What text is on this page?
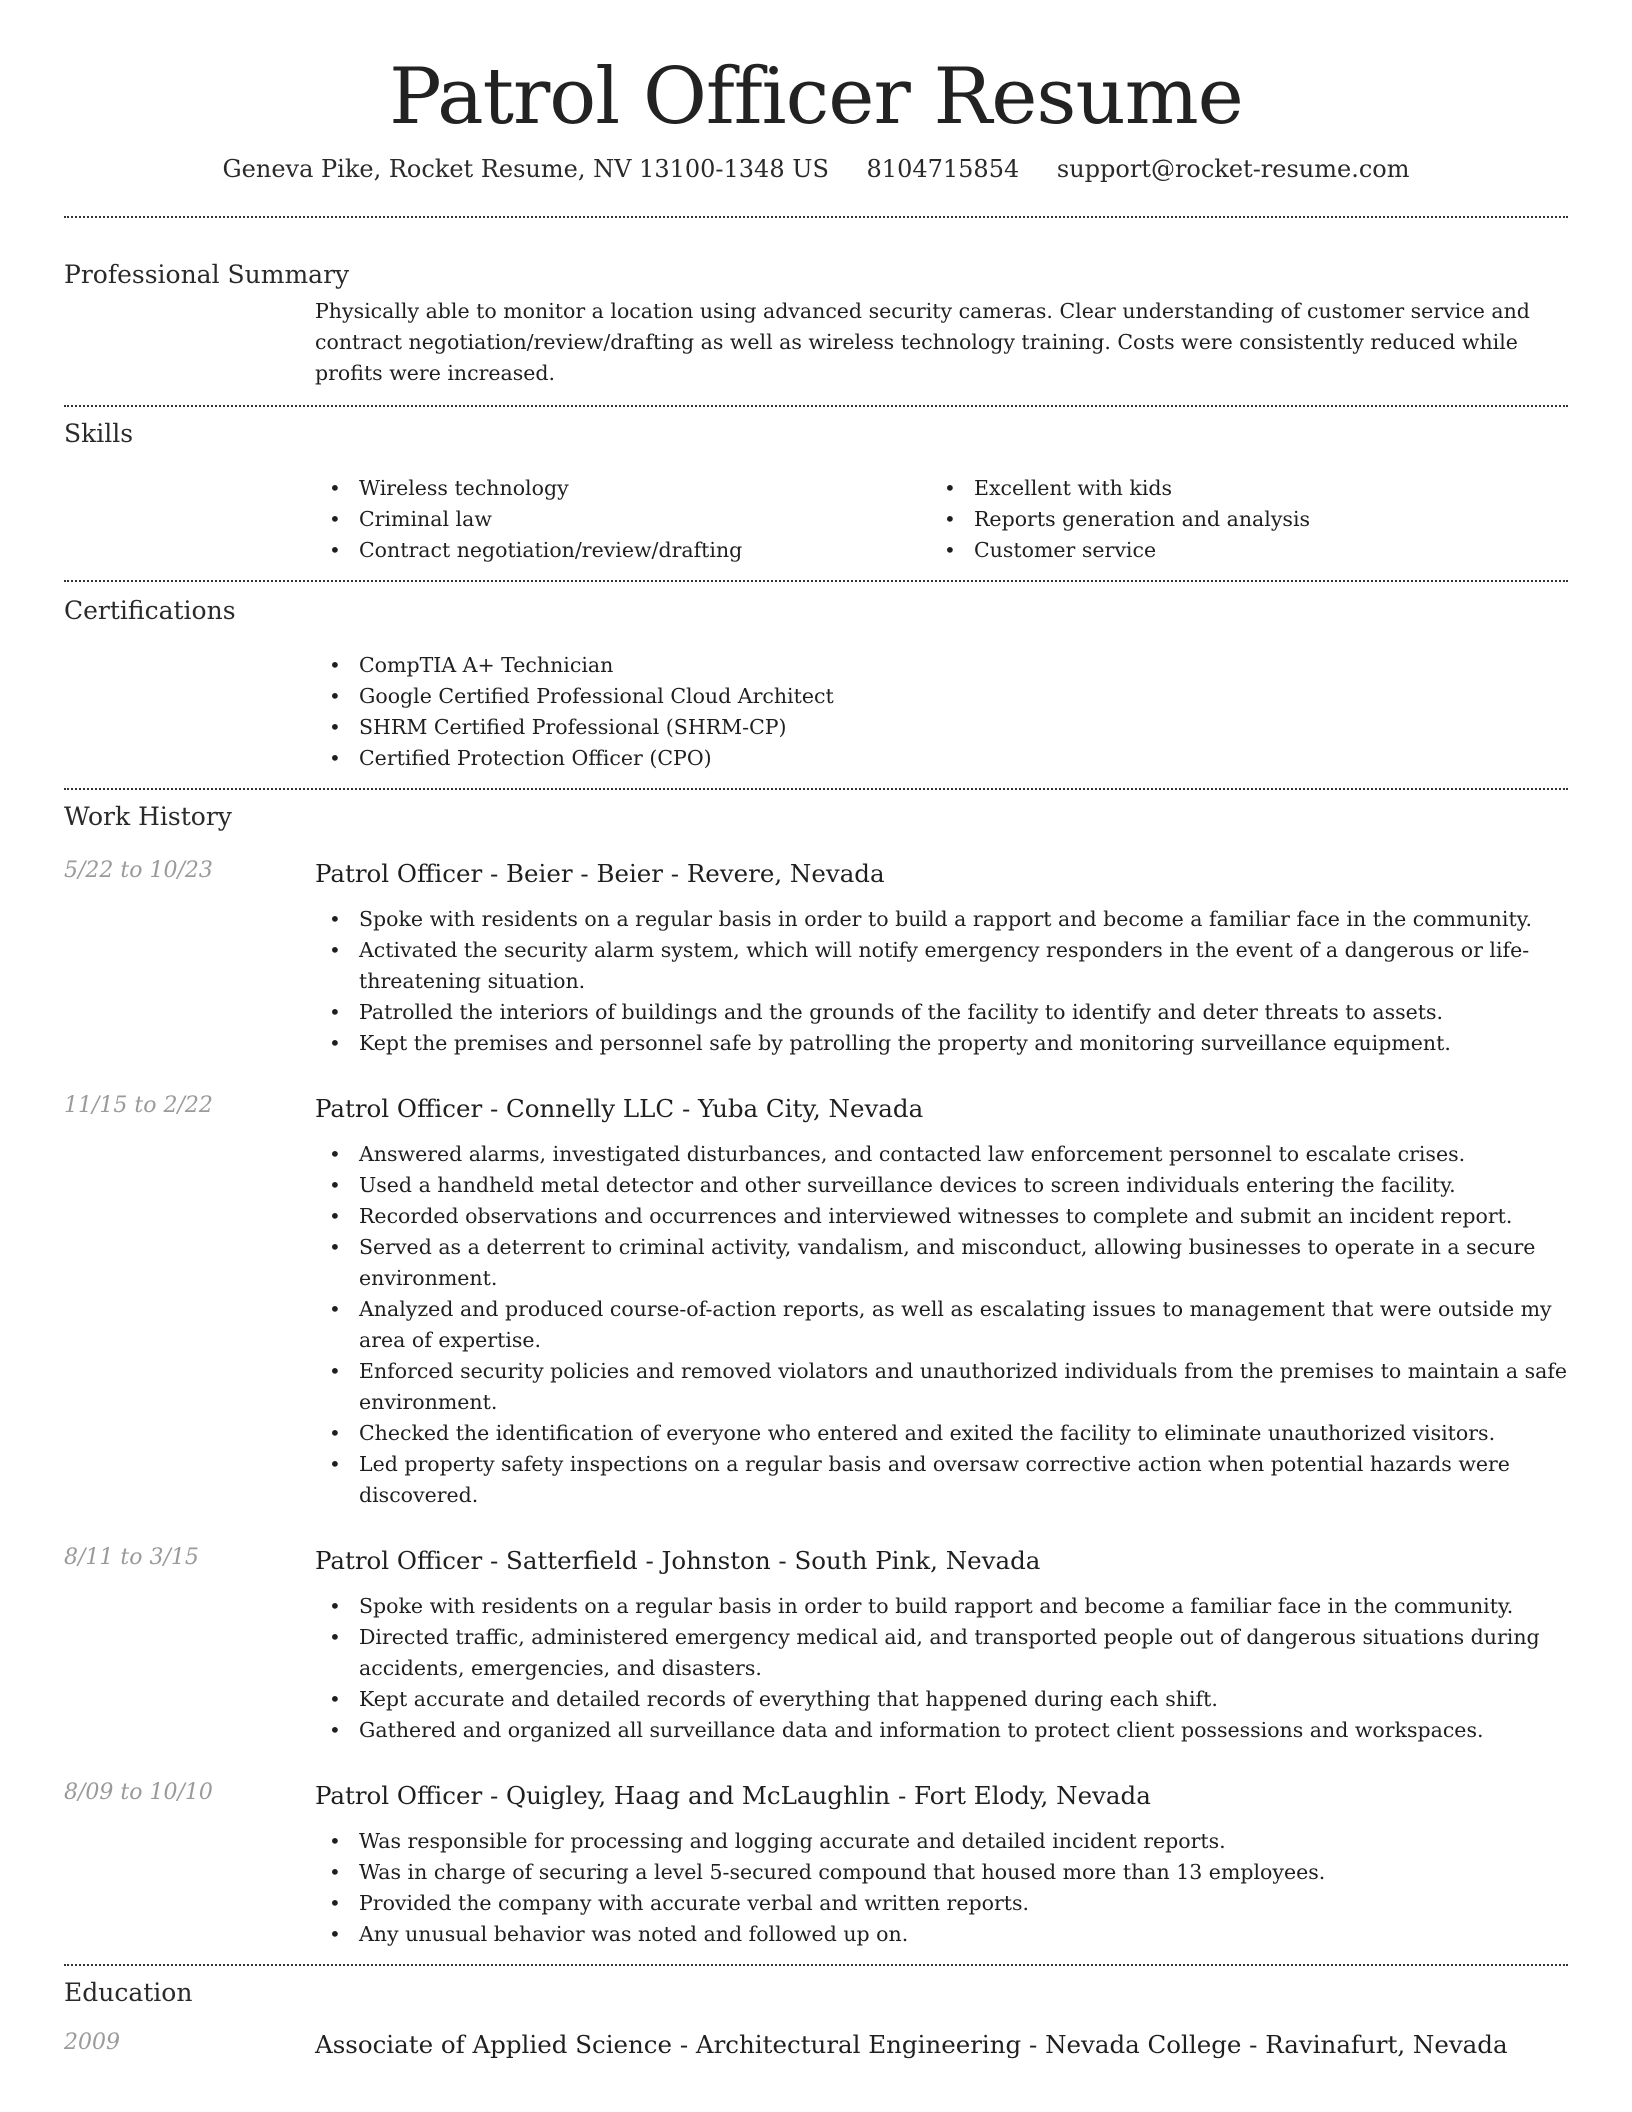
Patrol Officer Resume
Geneva Pike, Rocket Resume, NV 13100-1348 US 8104715854 support@rocket-resume.com
Professional Summary
Physically able to monitor a location using advanced security cameras. Clear understanding of customer service and contract negotiation/review/drafting as well as wireless technology training. Costs were consistently reduced while profits were increased.
Skills
• Wireless technology
• Criminal law
• Contract negotiation/review/drafting
• Excellent with kids
• Reports generation and analysis
• Customer service
Certifications
• CompTIA A+ Technician
• Google Certified Professional Cloud Architect
• SHRM Certified Professional (SHRM-CP)
• Certified Protection Officer (CPO)
Work History
5/22 to 10/23	Patrol Officer - Beier - Beier - Revere, Nevada
• Spoke with residents on a regular basis in order to build a rapport and become a familiar face in the community.
• Activated the security alarm system, which will notify emergency responders in the event of a dangerous or life-threatening situation.
• Patrolled the interiors of buildings and the grounds of the facility to identify and deter threats to assets.
• Kept the premises and personnel safe by patrolling the property and monitoring surveillance equipment.
11/15 to 2/22	Patrol Officer - Connelly LLC - Yuba City, Nevada
• Answered alarms, investigated disturbances, and contacted law enforcement personnel to escalate crises.
• Used a handheld metal detector and other surveillance devices to screen individuals entering the facility.
• Recorded observations and occurrences and interviewed witnesses to complete and submit an incident report.
• Served as a deterrent to criminal activity, vandalism, and misconduct, allowing businesses to operate in a secure environment.
• Analyzed and produced course-of-action reports, as well as escalating issues to management that were outside my area of expertise.
• Enforced security policies and removed violators and unauthorized individuals from the premises to maintain a safe environment.
• Checked the identification of everyone who entered and exited the facility to eliminate unauthorized visitors.
• Led property safety inspections on a regular basis and oversaw corrective action when potential hazards were discovered.
8/11 to 3/15	Patrol Officer - Satterfield - Johnston - South Pink, Nevada
• Spoke with residents on a regular basis in order to build rapport and become a familiar face in the community.
• Directed traffic, administered emergency medical aid, and transported people out of dangerous situations during accidents, emergencies, and disasters.
• Kept accurate and detailed records of everything that happened during each shift.
• Gathered and organized all surveillance data and information to protect client possessions and workspaces.
8/09 to 10/10	Patrol Officer - Quigley, Haag and McLaughlin - Fort Elody, Nevada
• Was responsible for processing and logging accurate and detailed incident reports.
• Was in charge of securing a level 5-secured compound that housed more than 13 employees.
• Provided the company with accurate verbal and written reports.
• Any unusual behavior was noted and followed up on.
Education
2009	Associate of Applied Science - Architectural Engineering - Nevada College - Ravinafurt, Nevada
